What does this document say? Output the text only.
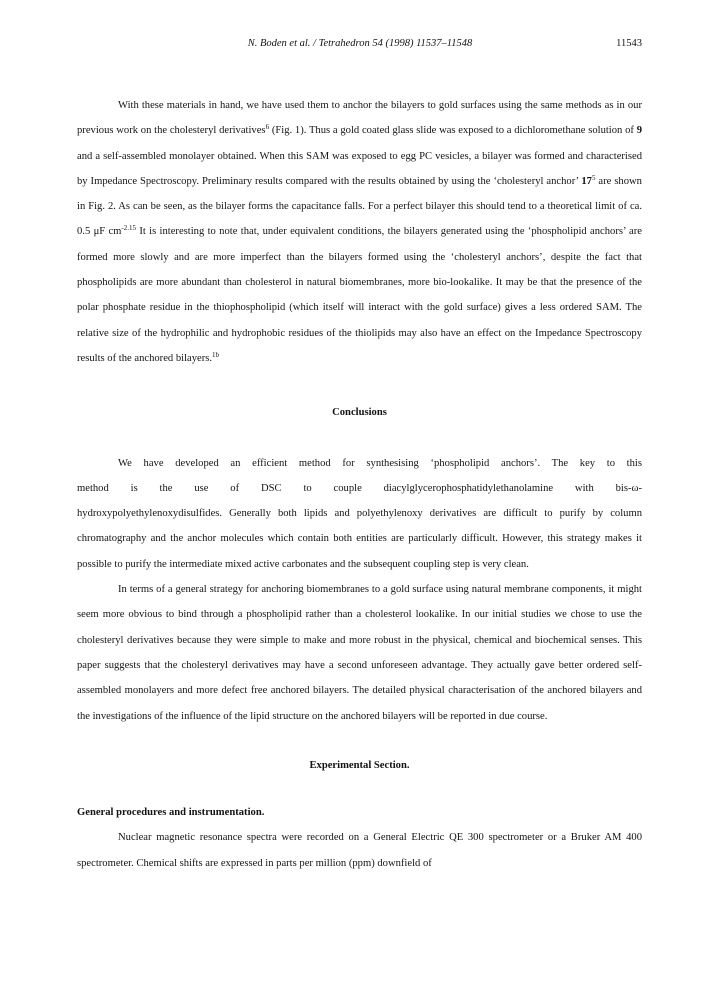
N. Boden et al. / Tetrahedron 54 (1998) 11537–11548	11543

With these materials in hand, we have used them to anchor the bilayers to gold surfaces using the same methods as in our previous work on the cholesteryl derivatives$^6$ (Fig. 1). Thus a gold coated glass slide was exposed to a dichloromethane solution of 9 and a self-assembled monolayer obtained. When this SAM was exposed to egg PC vesicles, a bilayer was formed and characterised by Impedance Spectroscopy. Preliminary results compared with the results obtained by using the ‘cholesteryl anchor’ $17^5$ are shown in Fig. 2. As can be seen, as the bilayer forms the capacitance falls. For a perfect bilayer this should tend to a theoretical limit of ca. 0.5 μF $cm^{-2.15}$ It is interesting to note that, under equivalent conditions, the bilayers generated using the ‘phospholipid anchors’ are formed more slowly and are more imperfect than the bilayers formed using the ‘cholesteryl anchors’, despite the fact that phospholipids are more abundant than cholesterol in natural biomembranes, more bio-lookalike. It may be that the presence of the polar phosphate residue in the thiophospholipid (which itself will interact with the gold surface) gives a less ordered SAM. The relative size of the hydrophilic and hydrophobic residues of the thiolipids may also have an effect on the Impedance Spectroscopy results of the anchored bilayers.$^{1b}$

Conclusions

We have developed an efficient method for synthesising ‘phospholipid anchors’. The key to this

method is the use of DSC to couple diacylglycerophosphatidylethanolamine with bis-ω-

hydroxypolyethylenoxydisulfides. Generally both lipids and polyethylenoxy derivatives are difficult to purify by column chromatography and the anchor molecules which contain both entities are particularly difficult. However, this strategy makes it possible to purify the intermediate mixed active carbonates and the subsequent coupling step is very clean.

In terms of a general strategy for anchoring biomembranes to a gold surface using natural membrane components, it might seem more obvious to bind through a phospholipid rather than a cholesterol lookalike. In our initial studies we chose to use the cholesteryl derivatives because they were simple to make and more robust in the physical, chemical and biochemical senses. This paper suggests that the cholesteryl derivatives may have a second unforeseen advantage. They actually gave better ordered self-assembled monolayers and more defect free anchored bilayers. The detailed physical characterisation of the anchored bilayers and the investigations of the influence of the lipid structure on the anchored bilayers will be reported in due course.

Experimental Section.
General procedures and instrumentation.

Nuclear magnetic resonance spectra were recorded on a General Electric QE 300 spectrometer or a Bruker AM 400 spectrometer. Chemical shifts are expressed in parts per million (ppm) downfield of
